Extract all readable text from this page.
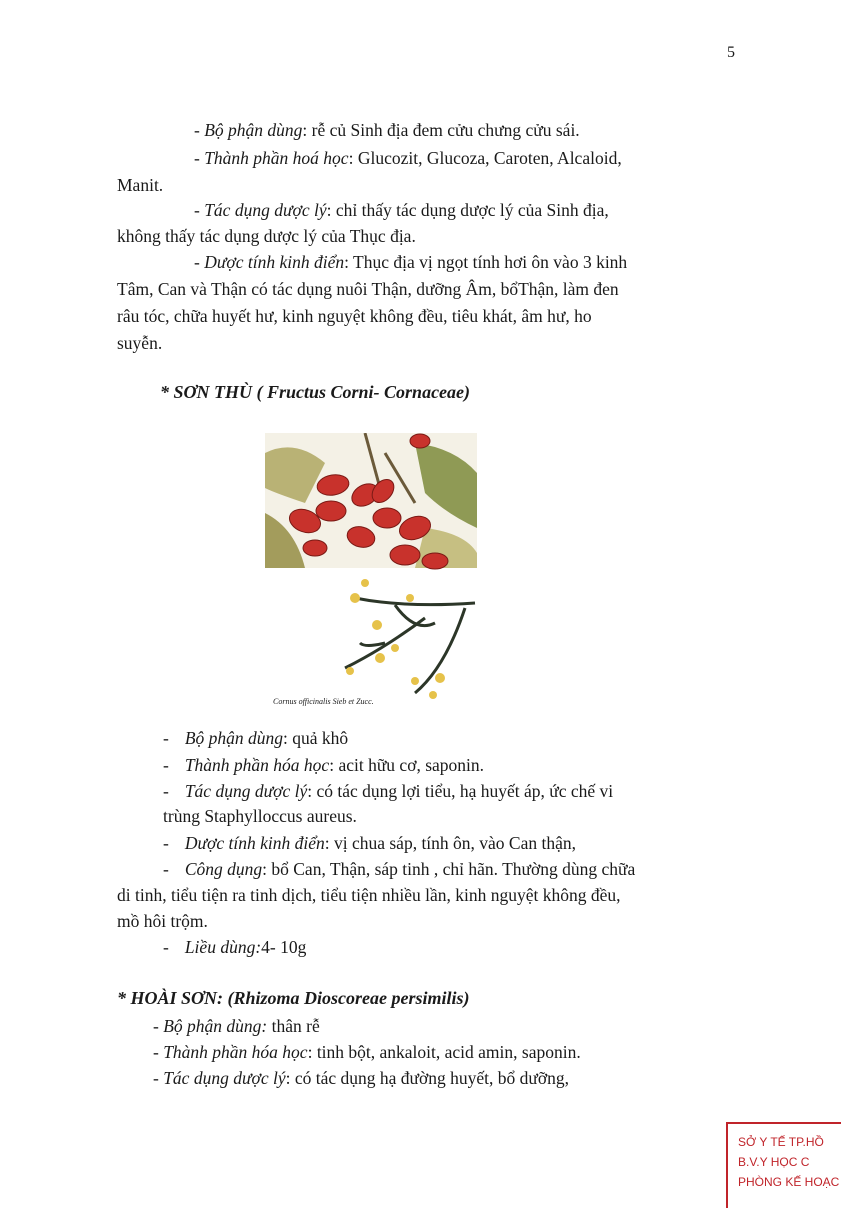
5
- Bộ phận dùng: rễ củ Sinh địa đem cửu chưng cửu sái.
- Thành phần hoá học: Glucozit, Glucoza, Caroten, Alcaloid,
Manit.
- Tác dụng dược lý: chỉ thấy tác dụng dược lý của Sinh địa,
không thấy tác dụng dược lý của Thục địa.
- Dược tính kinh điển: Thục địa vị ngọt tính hơi ôn vào 3 kinh
Tâm, Can và Thận có tác dụng nuôi Thận, dưỡng Âm, bổThận, làm đen
râu tóc, chữa huyết hư, kinh nguyệt không đều, tiêu khát, âm hư, ho
suyễn.
* SƠN THÙ ( Fructus Corni- Cornaceae)
Cornus officinalis Sieb et Zucc.
- Bộ phận dùng: quả khô
- Thành phần hóa học: acit hữu cơ, saponin.
- Tác dụng dược lý: có tác dụng lợi tiểu, hạ huyết áp, ức chế vi
trùng Staphylloccus aureus.
- Dược tính kinh điển: vị chua sáp, tính ôn, vào Can thận,
- Công dụng: bổ Can, Thận, sáp tinh , chỉ hãn. Thường dùng chữa
di tinh, tiểu tiện ra tinh dịch, tiểu tiện nhiều lần, kinh nguyệt không đều,
mồ hôi trộm.
- Liều dùng:4- 10g
* HOÀI SƠN: (Rhizoma Dioscoreae persimilis)
- Bộ phận dùng: thân rễ
- Thành phần hóa học: tinh bột, ankaloit, acid amin, saponin.
- Tác dụng dược lý: có tác dụng hạ đường huyết, bổ dưỡng,
SỞ Y TẾ TP.HỒ
B.V.Y HỌC C
PHÒNG KẾ HOẠC
